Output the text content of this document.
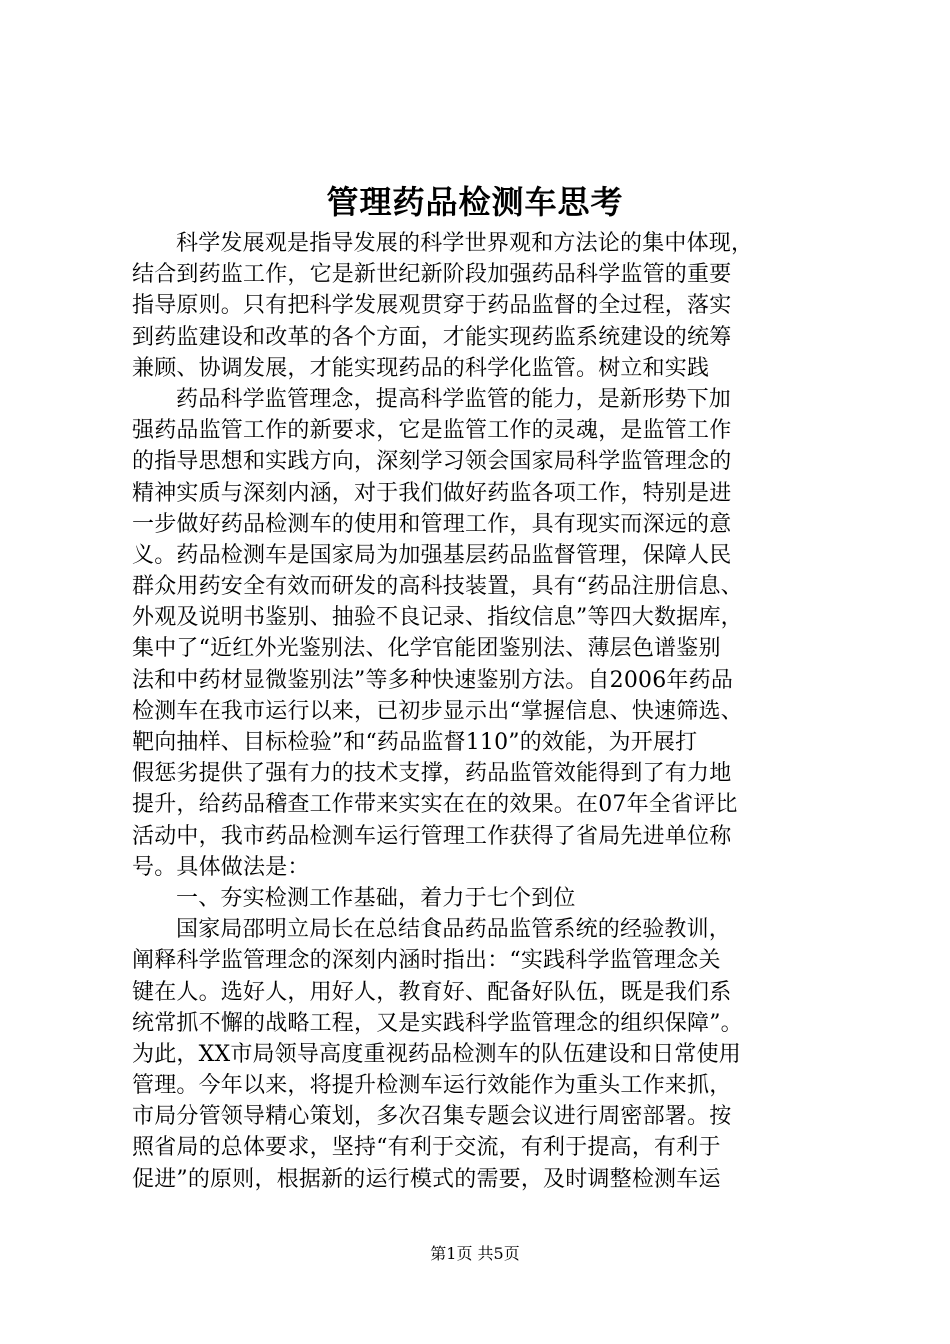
管理药品检测车思考
科学发展观是指导发展的科学世界观和方法论的集中体现，
结合到药监工作，它是新世纪新阶段加强药品科学监管的重要
指导原则。只有把科学发展观贯穿于药品监督的全过程，落实
到药监建设和改革的各个方面，才能实现药监系统建设的统筹
兼顾、协调发展，才能实现药品的科学化监管。树立和实践
药品科学监管理念，提高科学监管的能力，是新形势下加
强药品监管工作的新要求，它是监管工作的灵魂，是监管工作
的指导思想和实践方向，深刻学习领会国家局科学监管理念的
精神实质与深刻内涵，对于我们做好药监各项工作，特别是进
一步做好药品检测车的使用和管理工作，具有现实而深远的意
义。药品检测车是国家局为加强基层药品监督管理，保障人民
群众用药安全有效而研发的高科技装置，具有“药品注册信息、
外观及说明书鉴别、抽验不良记录、指纹信息”等四大数据库，
集中了“近红外光鉴别法、化学官能团鉴别法、薄层色谱鉴别
法和中药材显微鉴别法”等多种快速鉴别方法。自2006年药品
检测车在我市运行以来，已初步显示出“掌握信息、快速筛选、
靶向抽样、目标检验”和“药品监督110”的效能，为开展打
假惩劣提供了强有力的技术支撑，药品监管效能得到了有力地
提升，给药品稽查工作带来实实在在的效果。在07年全省评比
活动中，我市药品检测车运行管理工作获得了省局先进单位称
号。具体做法是：
一、夯实检测工作基础，着力于七个到位
国家局邵明立局长在总结食品药品监管系统的经验教训，
阐释科学监管理念的深刻内涵时指出：“实践科学监管理念关
键在人。选好人，用好人，教育好、配备好队伍，既是我们系
统常抓不懈的战略工程，又是实践科学监管理念的组织保障”。
为此，XX市局领导高度重视药品检测车的队伍建设和日常使用
管理。今年以来，将提升检测车运行效能作为重头工作来抓，
市局分管领导精心策划，多次召集专题会议进行周密部署。按
照省局的总体要求，坚持“有利于交流，有利于提高，有利于
促进”的原则，根据新的运行模式的需要，及时调整检测车运
第1页 共5页
